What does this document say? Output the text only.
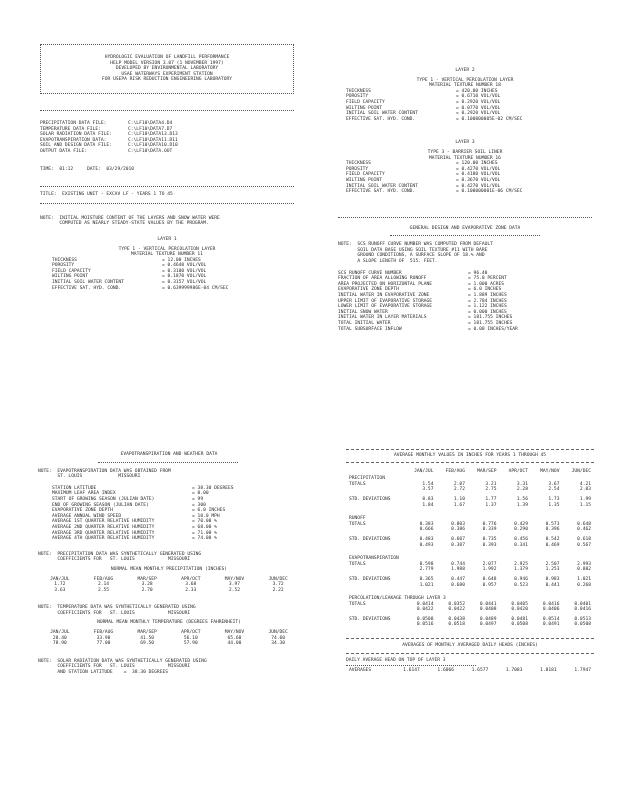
HYDROLOGIC EVALUATION OF LANDFILL PERFORMANCE
HELP MODEL VERSION 3.07 (1 NOVEMBER 1997)
DEVELOPED BY ENVIRONMENTAL LABORATORY
USAE WATERWAYS EXPERIMENT STATION
FOR USEPA RISK REDUCTION ENGINEERING LABORATORY
PRECIPITATION DATA FILE:	C:\LF10\DATA4.D4
TEMPERATURE DATA FILE:	C:\LF10\DATA7.D7
SOLAR RADIATION DATA FILE:	C:\LF10\DATA13.D13
EVAPOTRANSPIRATION DATA:	C:\LF10\DATA11.D11
SOIL AND DESIGN DATA FILE:	C:\LF10\DATA10.D10
OUTPUT DATA FILE:	C:\LF10\DATA.OUT
TIME:  01:12     DATE:  03/29/2010
TITLE:  EXISTING UNIT - EXCAV LF - YEARS 1 TO 45
NOTE:  INITIAL MOISTURE CONTENT OF THE LAYERS AND SNOW WATER WERE
COMPUTED AS NEARLY STEADY-STATE VALUES BY THE PROGRAM.
LAYER 1
TYPE 1 - VERTICAL PERCOLATION LAYER
MATERIAL TEXTURE NUMBER 11
THICKNESS	= 12.00 INCHES
POROSITY	= 0.4640 VOL/VOL
FIELD CAPACITY	= 0.3100 VOL/VOL
WILTING POINT	= 0.1870 VOL/VOL
INITIAL SOIL WATER CONTENT	= 0.3157 VOL/VOL
EFFECTIVE SAT. HYD. COND.	= 0.639999986E-04 CM/SEC
LAYER 2
TYPE 1 - VERTICAL PERCOLATION LAYER
MATERIAL TEXTURE NUMBER 18
THICKNESS	= 420.00 INCHES
POROSITY	= 0.6710 VOL/VOL
FIELD CAPACITY	= 0.2920 VOL/VOL
WILTING POINT	= 0.0770 VOL/VOL
INITIAL SOIL WATER CONTENT	= 0.2920 VOL/VOL
EFFECTIVE SAT. HYD. COND.	= 0.100000005E-02 CM/SEC
LAYER 3
TYPE 3 - BARRIER SOIL LINER
MATERIAL TEXTURE NUMBER 16
THICKNESS	= 120.00 INCHES
POROSITY	= 0.4270 VOL/VOL
FIELD CAPACITY	= 0.4180 VOL/VOL
WILTING POINT	= 0.3670 VOL/VOL
INITIAL SOIL WATER CONTENT	= 0.4270 VOL/VOL
EFFECTIVE SAT. HYD. COND.	= 0.100000001E-06 CM/SEC
GENERAL DESIGN AND EVAPORATIVE ZONE DATA
NOTE:  SCS RUNOFF CURVE NUMBER WAS COMPUTED FROM DEFAULT
SOIL DATA BASE USING SOIL TEXTURE #11 WITH BARE
GROUND CONDITIONS, A SURFACE SLOPE OF 18.% AND
A SLOPE LENGTH OF  515. FEET.
SCS RUNOFF CURVE NUMBER	= 96.40
FRACTION OF AREA ALLOWING RUNOFF	= 75.0 PERCENT
AREA PROJECTED ON HORIZONTAL PLANE	= 1.000 ACRES
EVAPORATIVE ZONE DEPTH	= 6.0 INCHES
INITIAL WATER IN EVAPORATIVE ZONE	= 1.889 INCHES
UPPER LIMIT OF EVAPORATIVE STORAGE	= 2.784 INCHES
LOWER LIMIT OF EVAPORATIVE STORAGE	= 1.122 INCHES
INITIAL SNOW WATER	= 0.000 INCHES
INITIAL WATER IN LAYER MATERIALS	= 181.755 INCHES
TOTAL INITIAL WATER	= 181.755 INCHES
TOTAL SUBSURFACE INFLOW	= 0.00 INCHES/YEAR
EVAPOTRANSPIRATION AND WEATHER DATA
NOTE:  EVAPOTRANSPIRATION DATA WAS OBTAINED FROM
ST. LOUIS             MISSOURI
STATION LATITUDE	= 38.30 DEGREES
MAXIMUM LEAF AREA INDEX	= 0.00
START OF GROWING SEASON (JULIAN DATE)	= 99
END OF GROWING SEASON (JULIAN DATE)	= 300
EVAPORATIVE ZONE DEPTH	= 6.0 INCHES
AVERAGE ANNUAL WIND SPEED	= 10.0 MPH
AVERAGE 1ST QUARTER RELATIVE HUMIDITY	= 70.00 %
AVERAGE 2ND QUARTER RELATIVE HUMIDITY	= 68.00 %
AVERAGE 3RD QUARTER RELATIVE HUMIDITY	= 71.00 %
AVERAGE 4TH QUARTER RELATIVE HUMIDITY	= 74.00 %
NOTE:  PRECIPITATION DATA WAS SYNTHETICALLY GENERATED USING
COEFFICIENTS FOR   ST. LOUIS            MISSOURI
NORMAL MEAN MONTHLY PRECIPITATION (INCHES)
JAN/JUL	FEB/AUG	MAR/SEP	APR/OCT	MAY/NOV	JUN/DEC
1.72	2.14	3.28	3.68	3.97	3.72
3.63	2.55	2.70	2.33	2.52	2.22
NOTE:  TEMPERATURE DATA WAS SYNTHETICALLY GENERATED USING
COEFFICIENTS FOR   ST. LOUIS            MISSOURI
NORMAL MEAN MONTHLY TEMPERATURE (DEGREES FAHRENHEIT)
JAN/JUL	FEB/AUG	MAR/SEP	APR/OCT	MAY/NOV	JUN/DEC
28.40	33.90	41.50	56.10	65.60	74.60
78.90	77.00	69.50	57.90	44.00	34.30
NOTE:  SOLAR RADIATION DATA WAS SYNTHETICALLY GENERATED USING
COEFFICIENTS FOR   ST. LOUIS            MISSOURI
AND STATION LATITUDE    =  38.30 DEGREES
AVERAGE MONTHLY VALUES IN INCHES FOR YEARS 1 THROUGH 45
	JAN/JUL	FEB/AUG	MAR/SEP	APR/OCT	MAY/NOV	JUN/DEC

PRECIPITATION						
TOTALS	1.54	2.07	3.21	3.31	3.67	4.21
	3.57	2.72	2.75	2.28	2.54	2.03

STD. DEVIATIONS	0.83	1.10	1.77	1.56	1.73	1.99
	1.84	1.67	1.37	1.39	1.35	1.15

RUNOFF						
TOTALS	0.383	0.803	0.776	0.429	0.573	0.648
	0.666	0.386	0.339	0.290	0.396	0.462

STD. DEVIATIONS	0.483	0.607	0.735	0.456	0.542	0.618
	0.493	0.387	0.393	0.341	0.469	0.567

EVAPOTRANSPIRATION						
TOTALS	0.598	0.744	2.077	2.925	2.507	2.993
	2.779	1.988	1.992	1.379	1.253	0.882

STD. DEVIATIONS	0.365	0.447	0.648	0.946	0.983	1.021
	1.021	0.680	0.957	0.523	0.441	0.268

PERCOLATION/LEAKAGE THROUGH LAYER 3						
TOTALS	0.0414	0.0352	0.0441	0.0405	0.0416	0.0401
	0.0422	0.0422	0.0408	0.0420	0.0406	0.0416

STD. DEVIATIONS	0.0508	0.0438	0.0489	0.0481	0.0514	0.0513
	0.0516	0.0518	0.0497	0.0508	0.0491	0.0508
AVERAGES OF MONTHLY AVERAGED DAILY HEADS (INCHES)
DAILY AVERAGE HEAD ON TOP OF LAYER 3
AVERAGES	1.6147	1.6066	1.6577	1.7083	1.8181	1.7947
